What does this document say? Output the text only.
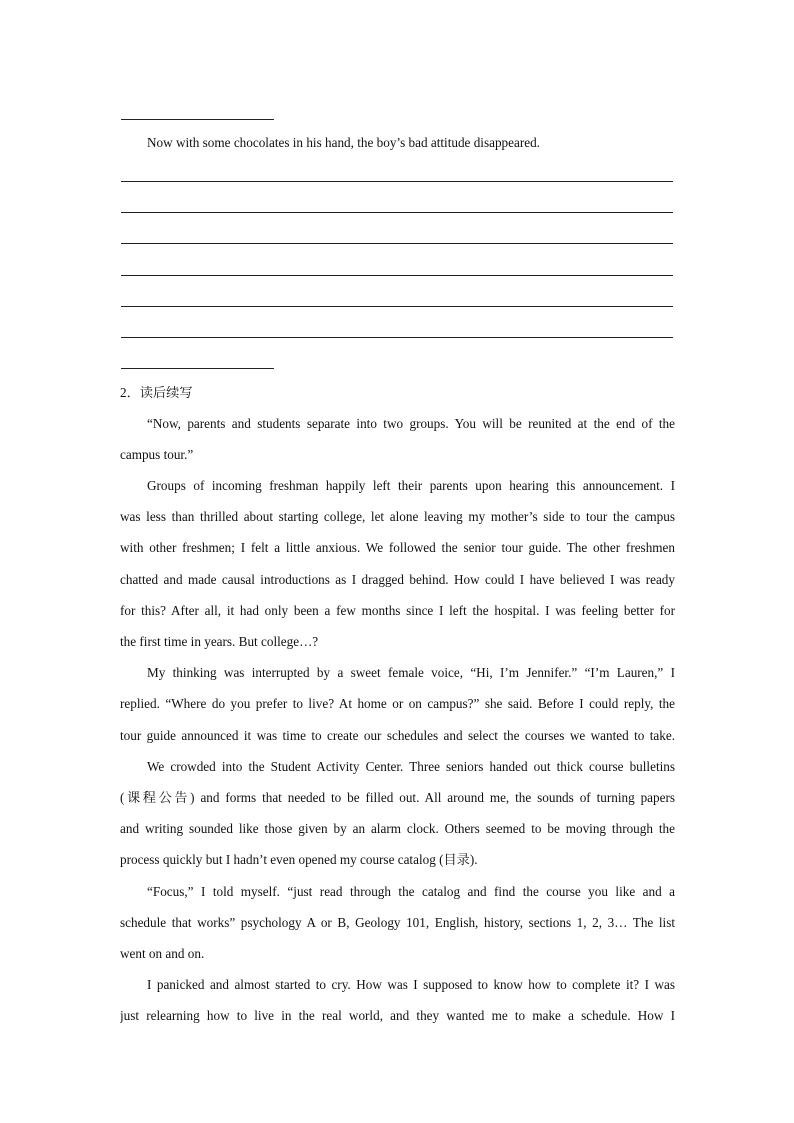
Now with some chocolates in his hand, the boy’s bad attitude disappeared.
2．读后续写
“Now, parents and students separate into two groups. You will be reunited at the end of the
campus tour.”
Groups of incoming freshman happily left their parents upon hearing this announcement. I
was less than thrilled about starting college, let alone leaving my mother’s side to tour the campus
with other freshmen; I felt a little anxious. We followed the senior tour guide. The other freshmen
chatted and made causal introductions as I dragged behind. How could I have believed I was ready
for this? After all, it had only been a few months since I left the hospital. I was feeling better for
the first time in years. But college…?
My thinking was interrupted by a sweet female voice, “Hi, I’m Jennifer.” “I’m Lauren,” I
replied. “Where do you prefer to live? At home or on campus?” she said. Before I could reply, the
tour guide announced it was time to create our schedules and select the courses we wanted to take.
We crowded into the Student Activity Center. Three seniors handed out thick course bulletins
(课程公告) and forms that needed to be filled out. All around me, the sounds of turning papers
and writing sounded like those given by an alarm clock. Others seemed to be moving through the
process quickly but I hadn’t even opened my course catalog (目录).
“Focus,” I told myself. “just read through the catalog and find the course you like and a
schedule that works” psychology A or B, Geology 101, English, history, sections 1, 2, 3… The list
went on and on.
I panicked and almost started to cry. How was I supposed to know how to complete it? I was
just relearning how to live in the real world, and they wanted me to make a schedule. How I
